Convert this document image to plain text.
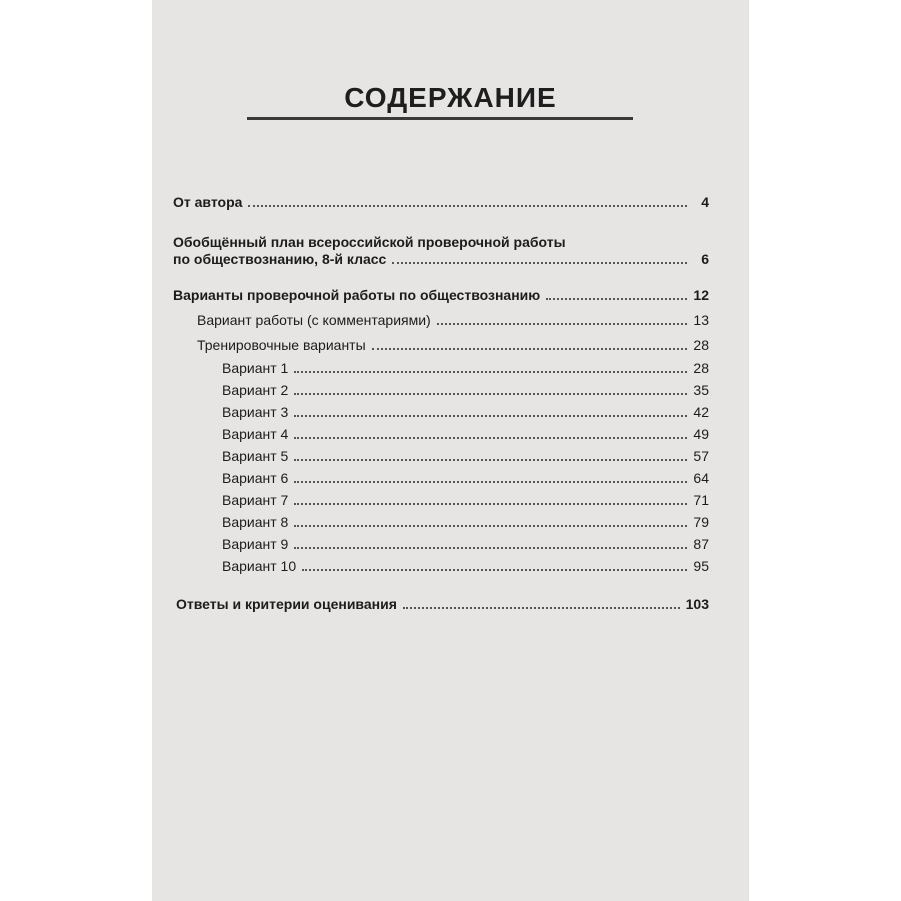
СОДЕРЖАНИЕ
От автора	4
Обобщённый план всероссийской проверочной работы
по обществознанию, 8-й класс	6
Варианты проверочной работы по обществознанию	12
Вариант работы (с комментариями)	13
Тренировочные варианты	28
Вариант 1	28
Вариант 2	35
Вариант 3	42
Вариант 4	49
Вариант 5	57
Вариант 6	64
Вариант 7	71
Вариант 8	79
Вариант 9	87
Вариант 10	95
Ответы и критерии оценивания	103
